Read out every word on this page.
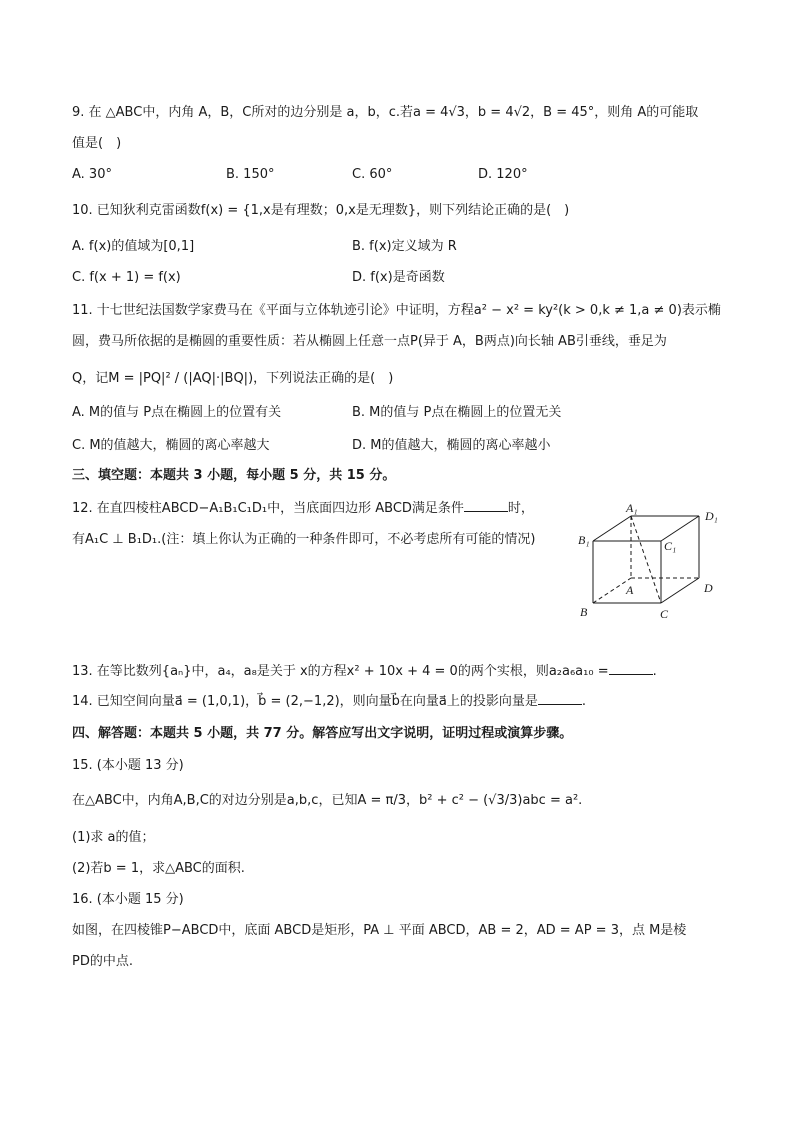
9. 在 △ABC中，内角 A，B，C所对的边分别是 a，b，c.若a = 4√3，b = 4√2，B = 45°，则角 A的可能取
值是(　)
A. 30°	B. 150°	C. 60°	D. 120°
10. 已知狄利克雷函数f(x) = {1,x是有理数；0,x是无理数}，则下列结论正确的是(　)
A. f(x)的值域为[0,1]	B. f(x)定义域为 R
C. f(x + 1) = f(x)	D. f(x)是奇函数
11. 十七世纪法国数学家费马在《平面与立体轨迹引论》中证明，方程a² − x² = ky²(k > 0,k ≠ 1,a ≠ 0)表示椭
圆，费马所依据的是椭圆的重要性质：若从椭圆上任意一点P(异于 A，B两点)向长轴 AB引垂线，垂足为
Q，记M = |PQ|² / (|AQ|·|BQ|)，下列说法正确的是(　)
A. M的值与 P点在椭圆上的位置有关	B. M的值与 P点在椭圆上的位置无关
C. M的值越大，椭圆的离心率越大	D. M的值越大，椭圆的离心率越小
三、填空题：本题共 3 小题，每小题 5 分，共 15 分。
12. 在直四棱柱ABCD−A₁B₁C₁D₁中，当底面四边形 ABCD满足条件	时，
有A₁C ⊥ B₁D₁.(注：填上你认为正确的一种条件即可，不必考虑所有可能的情况)
A₁
D₁
B₁	C₁
A	D
B	C
13. 在等比数列{aₙ}中，a₄，a₈是关于 x的方程x² + 10x + 4 = 0的两个实根，则a₂a₆a₁₀ =	.
14. 已知空间向量a⃗ = (1,0,1)，b⃗ = (2,−1,2)，则向量b⃗在向量a⃗上的投影向量是	.
四、解答题：本题共 5 小题，共 77 分。解答应写出文字说明，证明过程或演算步骤。
15. (本小题 13 分)
在△ABC中，内角A,B,C的对边分别是a,b,c，已知A = π/3，b² + c² − (√3/3)abc = a².
(1)求 a的值；
(2)若b = 1，求△ABC的面积.
16. (本小题 15 分)
如图，在四棱锥P−ABCD中，底面 ABCD是矩形，PA ⊥ 平面 ABCD，AB = 2，AD = AP = 3，点 M是棱
PD的中点.
